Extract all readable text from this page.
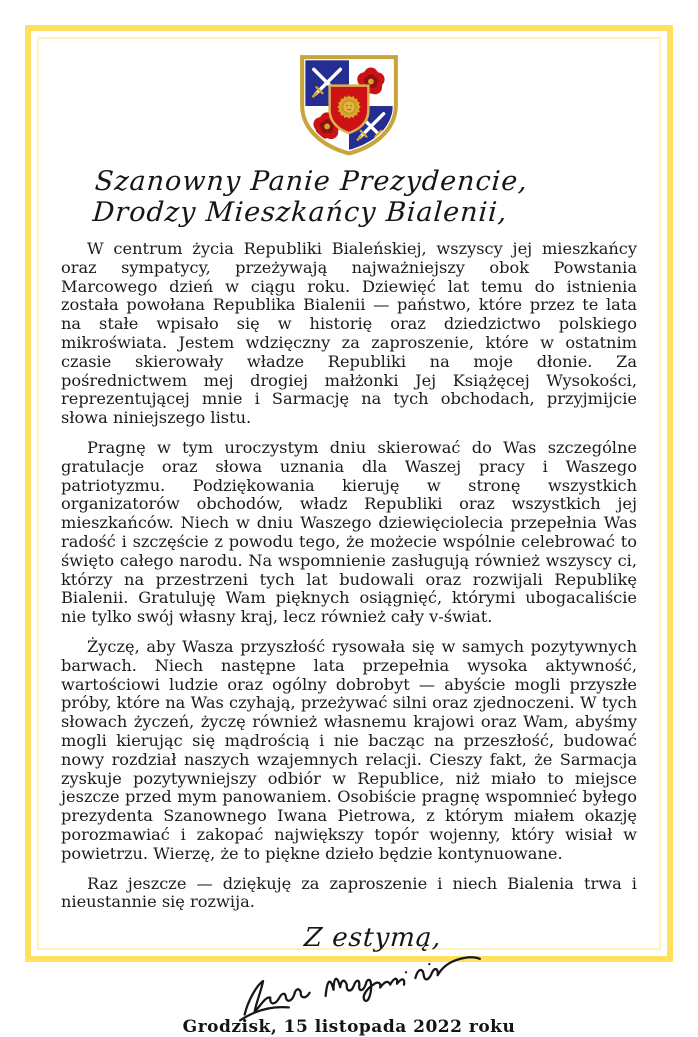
Szanowny Panie Prezydencie,
Drodzy Mieszkańcy Bialenii,

W centrum życia Republiki Bialeńskiej, wszyscy jej mieszkańcy oraz sympatycy, przeżywają najważniejszy obok Powstania Marcowego dzień w ciągu roku. Dziewięć lat temu do istnienia została powołana Republika Bialenii — państwo, które przez te lata na stałe wpisało się w historię oraz dziedzictwo polskiego mikroświata. Jestem wdzięczny za zaproszenie, które w ostatnim czasie skierowały władze Republiki na moje dłonie. Za pośrednictwem mej drogiej małżonki Jej Książęcej Wysokości, reprezentującej mnie i Sarmację na tych obchodach, przyjmijcie słowa niniejszego listu.

Pragnę w tym uroczystym dniu skierować do Was szczególne gratulacje oraz słowa uznania dla Waszej pracy i Waszego patriotyzmu. Podziękowania kieruję w stronę wszystkich organizatorów obchodów, władz Republiki oraz wszystkich jej mieszkańców. Niech w dniu Waszego dziewięciolecia przepełnia Was radość i szczęście z powodu tego, że możecie wspólnie celebrować to święto całego narodu. Na wspomnienie zasługują również wszyscy ci, którzy na przestrzeni tych lat budowali oraz rozwijali Republikę Bialenii. Gratuluję Wam pięknych osiągnięć, którymi ubogacaliście nie tylko swój własny kraj, lecz również cały v-świat.

Życzę, aby Wasza przyszłość rysowała się w samych pozytywnych barwach. Niech następne lata przepełnia wysoka aktywność, wartościowi ludzie oraz ogólny dobrobyt — abyście mogli przyszłe próby, które na Was czyhają, przeżywać silni oraz zjednoczeni. W tych słowach życzeń, życzę również własnemu krajowi oraz Wam, abyśmy mogli kierując się mądrością i nie bacząc na przeszłość, budować nowy rozdział naszych wzajemnych relacji. Cieszy fakt, że Sarmacja zyskuje pozytywniejszy odbiór w Republice, niż miało to miejsce jeszcze przed mym panowaniem. Osobiście pragnę wspomnieć byłego prezydenta Szanownego Iwana Pietrowa, z którym miałem okazję porozmawiać i zakopać największy topór wojenny, który wisiał w powietrzu. Wierzę, że to piękne dzieło będzie kontynuowane.

Raz jeszcze — dziękuję za zaproszenie i niech Bialenia trwa i nieustannie się rozwija.

Z estymą,
Grodzisk, 15 listopada 2022 roku
